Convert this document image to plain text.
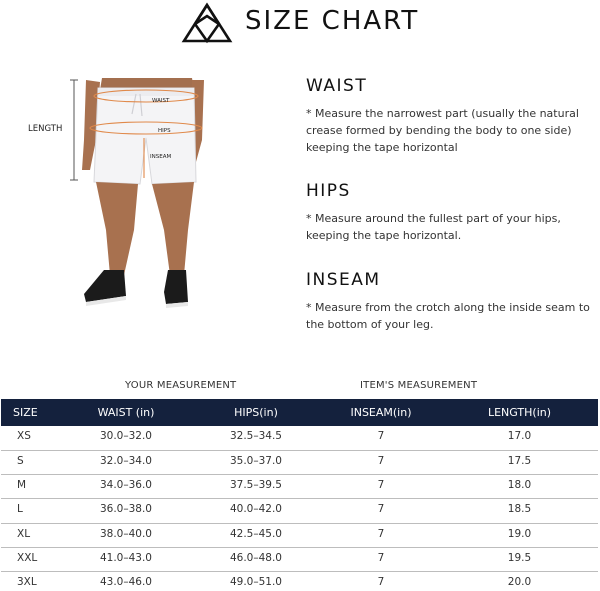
SIZE CHART
LENGTH
WAIST
HIPS
INSEAM
WAIST

* Measure the narrowest part (usually the natural crease formed by bending the body to one side) keeping the tape horizontal

HIPS

* Measure around the fullest part of your hips, keeping the tape horizontal.

INSEAM

* Measure from the crotch along the inside seam to the bottom of your leg.

YOUR MEASUREMENT	ITEM'S MEASUREMENT
SIZE	WAIST (in)	HIPS(in)	INSEAM(in)	LENGTH(in)
XS	30.0–32.0	32.5–34.5	7	17.0
S	32.0–34.0	35.0–37.0	7	17.5
M	34.0–36.0	37.5–39.5	7	18.0
L	36.0–38.0	40.0–42.0	7	18.5
XL	38.0–40.0	42.5–45.0	7	19.0
XXL	41.0–43.0	46.0–48.0	7	19.5
3XL	43.0–46.0	49.0–51.0	7	20.0
